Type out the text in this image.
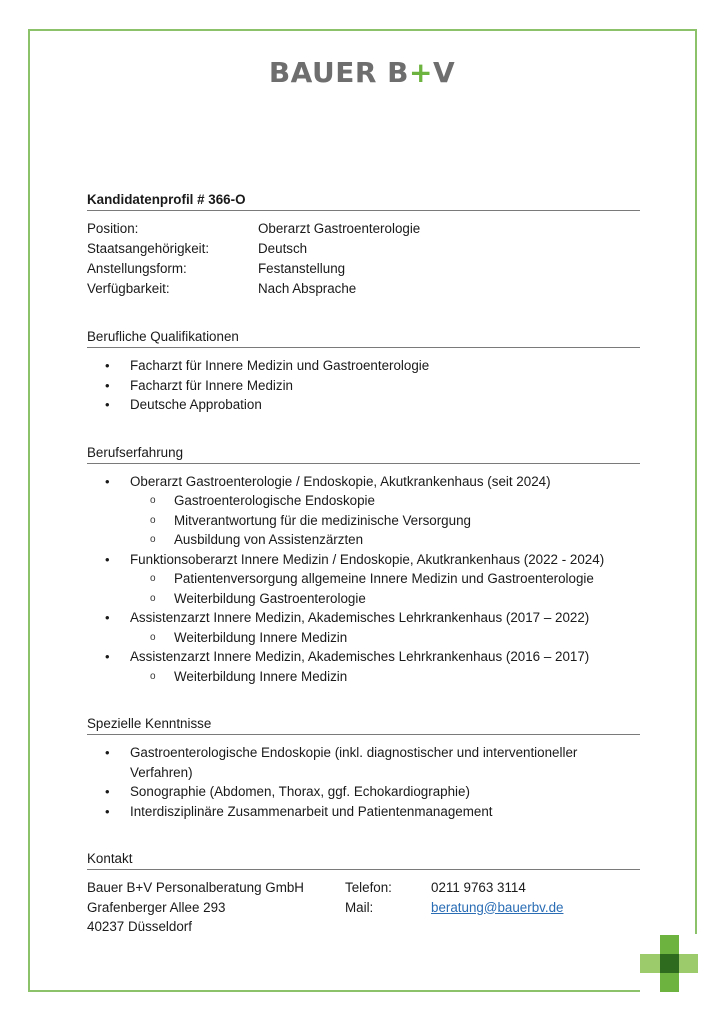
BAUER B+V
Kandidatenprofil # 366-O
Position:	Oberarzt Gastroenterologie
Staatsangehörigkeit:	Deutsch
Anstellungsform:	Festanstellung
Verfügbarkeit:	Nach Absprache
Berufliche Qualifikationen
• Facharzt für Innere Medizin und Gastroenterologie
• Facharzt für Innere Medizin
• Deutsche Approbation
Berufserfahrung
• Oberarzt Gastroenterologie / Endoskopie, Akutkrankenhaus (seit 2024)
o Gastroenterologische Endoskopie
o Mitverantwortung für die medizinische Versorgung
o Ausbildung von Assistenzärzten
• Funktionsoberarzt Innere Medizin / Endoskopie, Akutkrankenhaus (2022 - 2024)
o Patientenversorgung allgemeine Innere Medizin und Gastroenterologie
o Weiterbildung Gastroenterologie
• Assistenzarzt Innere Medizin, Akademisches Lehrkrankenhaus (2017 – 2022)
o Weiterbildung Innere Medizin
• Assistenzarzt Innere Medizin, Akademisches Lehrkrankenhaus (2016 – 2017)
o Weiterbildung Innere Medizin
Spezielle Kenntnisse
• Gastroenterologische Endoskopie (inkl. diagnostischer und interventioneller Verfahren)
• Sonographie (Abdomen, Thorax, ggf. Echokardiographie)
• Interdisziplinäre Zusammenarbeit und Patientenmanagement
Kontakt
Bauer B+V Personalberatung GmbH	Telefon:	0211 9763 3114
Grafenberger Allee 293	Mail:	beratung@bauerbv.de
40237 Düsseldorf
